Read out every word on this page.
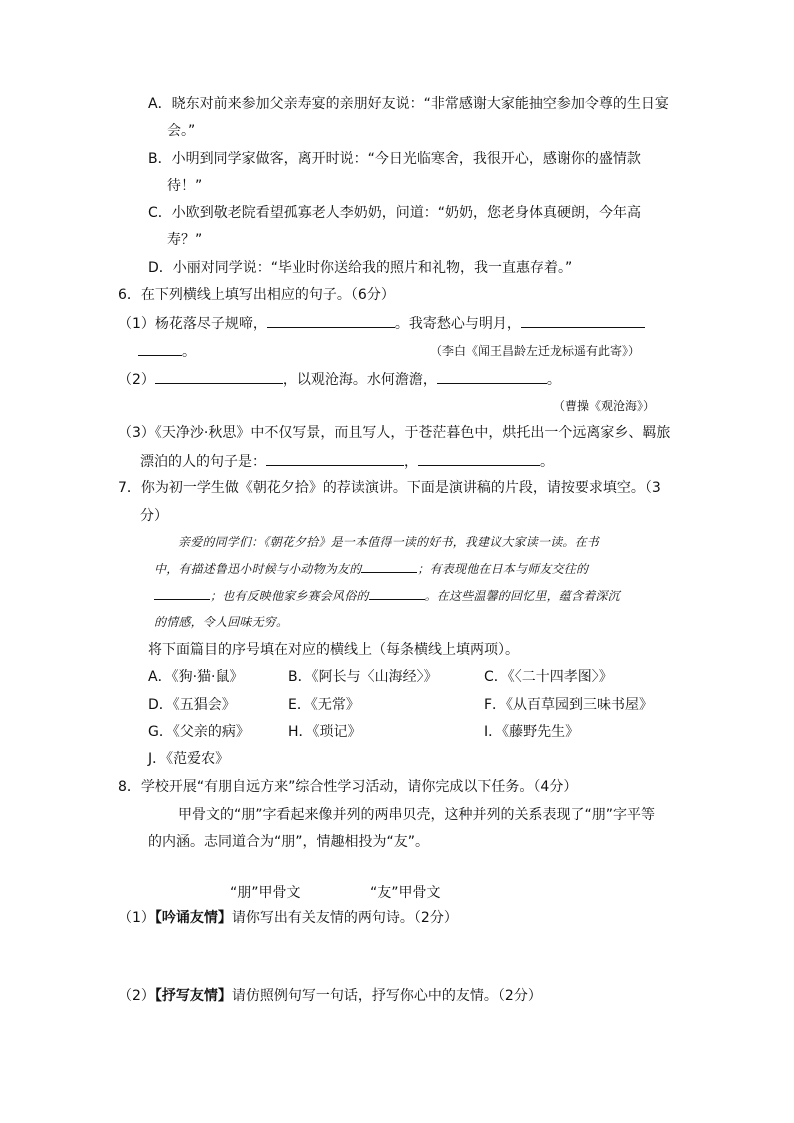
A．晓东对前来参加父亲寿宴的亲朋好友说：“非常感谢大家能抽空参加令尊的生日宴
会。”
B．小明到同学家做客，离开时说：“今日光临寒舍，我很开心，感谢你的盛情款
待！”
C．小欧到敬老院看望孤寡老人李奶奶，问道：“奶奶，您老身体真硬朗，今年高
寿？”
D．小丽对同学说：“毕业时你送给我的照片和礼物，我一直惠存着。”
6．在下列横线上填写出相应的句子。（6分）
（1）杨花落尽子规啼，	。我寄愁心与明月，
。	（李白《闻王昌龄左迁龙标遥有此寄》）
（2）	，以观沧海。水何澹澹，	。
（曹操《观沧海》）
（3）《天净沙·秋思》中不仅写景，而且写人，于苍茫暮色中，烘托出一个远离家乡、羁旅
漂泊的人的句子是：	，	。
7．你为初一学生做《朝花夕拾》的荐读演讲。下面是演讲稿的片段，请按要求填空。（3
分）
亲爱的同学们：《朝花夕拾》是一本值得一读的好书，我建议大家读一读。在书
中，有描述鲁迅小时候与小动物为友的	；有表现他在日本与师友交往的
；也有反映他家乡赛会风俗的	。在这些温馨的回忆里，蕴含着深沉
的情感，令人回味无穷。
将下面篇目的序号填在对应的横线上（每条横线上填两项）。
A．《狗·猫·鼠》	B．《阿长与〈山海经〉》	C．《〈二十四孝图〉》
D．《五猖会》	E．《无常》	F．《从百草园到三味书屋》
G．《父亲的病》	H．《琐记》	I．《藤野先生》
J．《范爱农》
8．学校开展“有朋自远方来”综合性学习活动，请你完成以下任务。（4分）
甲骨文的“朋”字看起来像并列的两串贝壳，这种并列的关系表现了“朋”字平等
的内涵。志同道合为“朋”，情趣相投为“友”。
“朋”甲骨文	“友”甲骨文
（1）【吟诵友情】请你写出有关友情的两句诗。（2分）
（2）【抒写友情】请仿照例句写一句话，抒写你心中的友情。（2分）
